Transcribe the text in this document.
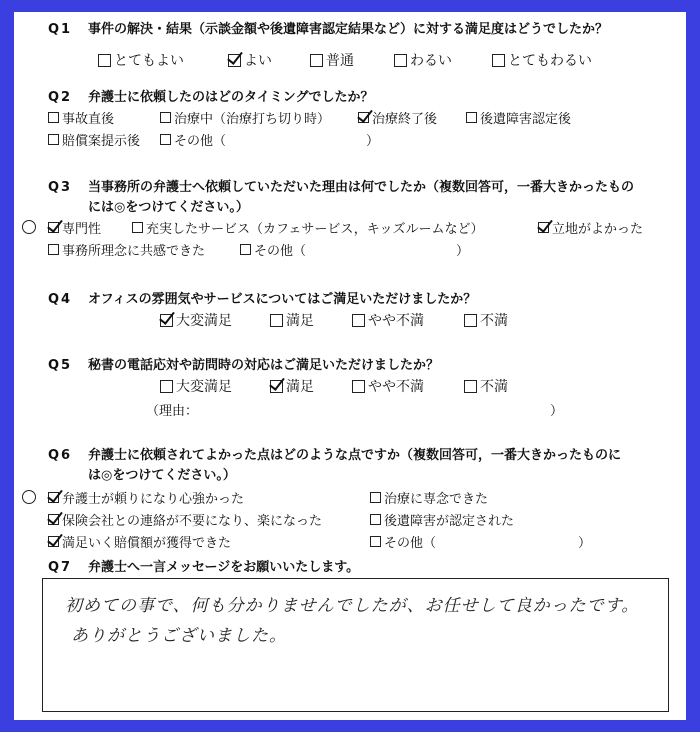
Q1 事件の解決・結果（示談金額や後遺障害認定結果など）に対する満足度はどうでしたか？
とてもよい	よい	普通	わるい	とてもわるい
Q2 弁護士に依頼したのはどのタイミングでしたか？
事故直後	治療中（治療打ち切り時）	治療終了後	後遺障害認定後
賠償案提示後	その他（	）
Q3 当事務所の弁護士へ依頼していただいた理由は何でしたか（複数回答可，一番大きかったもの
には◎をつけてください。）
専門性	充実したサービス（カフェサービス，キッズルームなど）	立地がよかった
事務所理念に共感できた	その他（	）
Q4 オフィスの雰囲気やサービスについてはご満足いただけましたか？
大変満足	満足	やや不満	不満
Q5 秘書の電話応対や訪問時の対応はご満足いただけましたか？
大変満足	満足	やや不満	不満
（理由：	）
Q6 弁護士に依頼されてよかった点はどのような点ですか（複数回答可，一番大きかったものに
は◎をつけてください。）
弁護士が頼りになり心強かった	治療に専念できた
保険会社との連絡が不要になり、楽になった	後遺障害が認定された
満足いく賠償額が獲得できた	その他（	）
Q7 弁護士へ一言メッセージをお願いいたします。
初めての事で、何も分かりませんでしたが、お任せして良かったです。
ありがとうございました。
